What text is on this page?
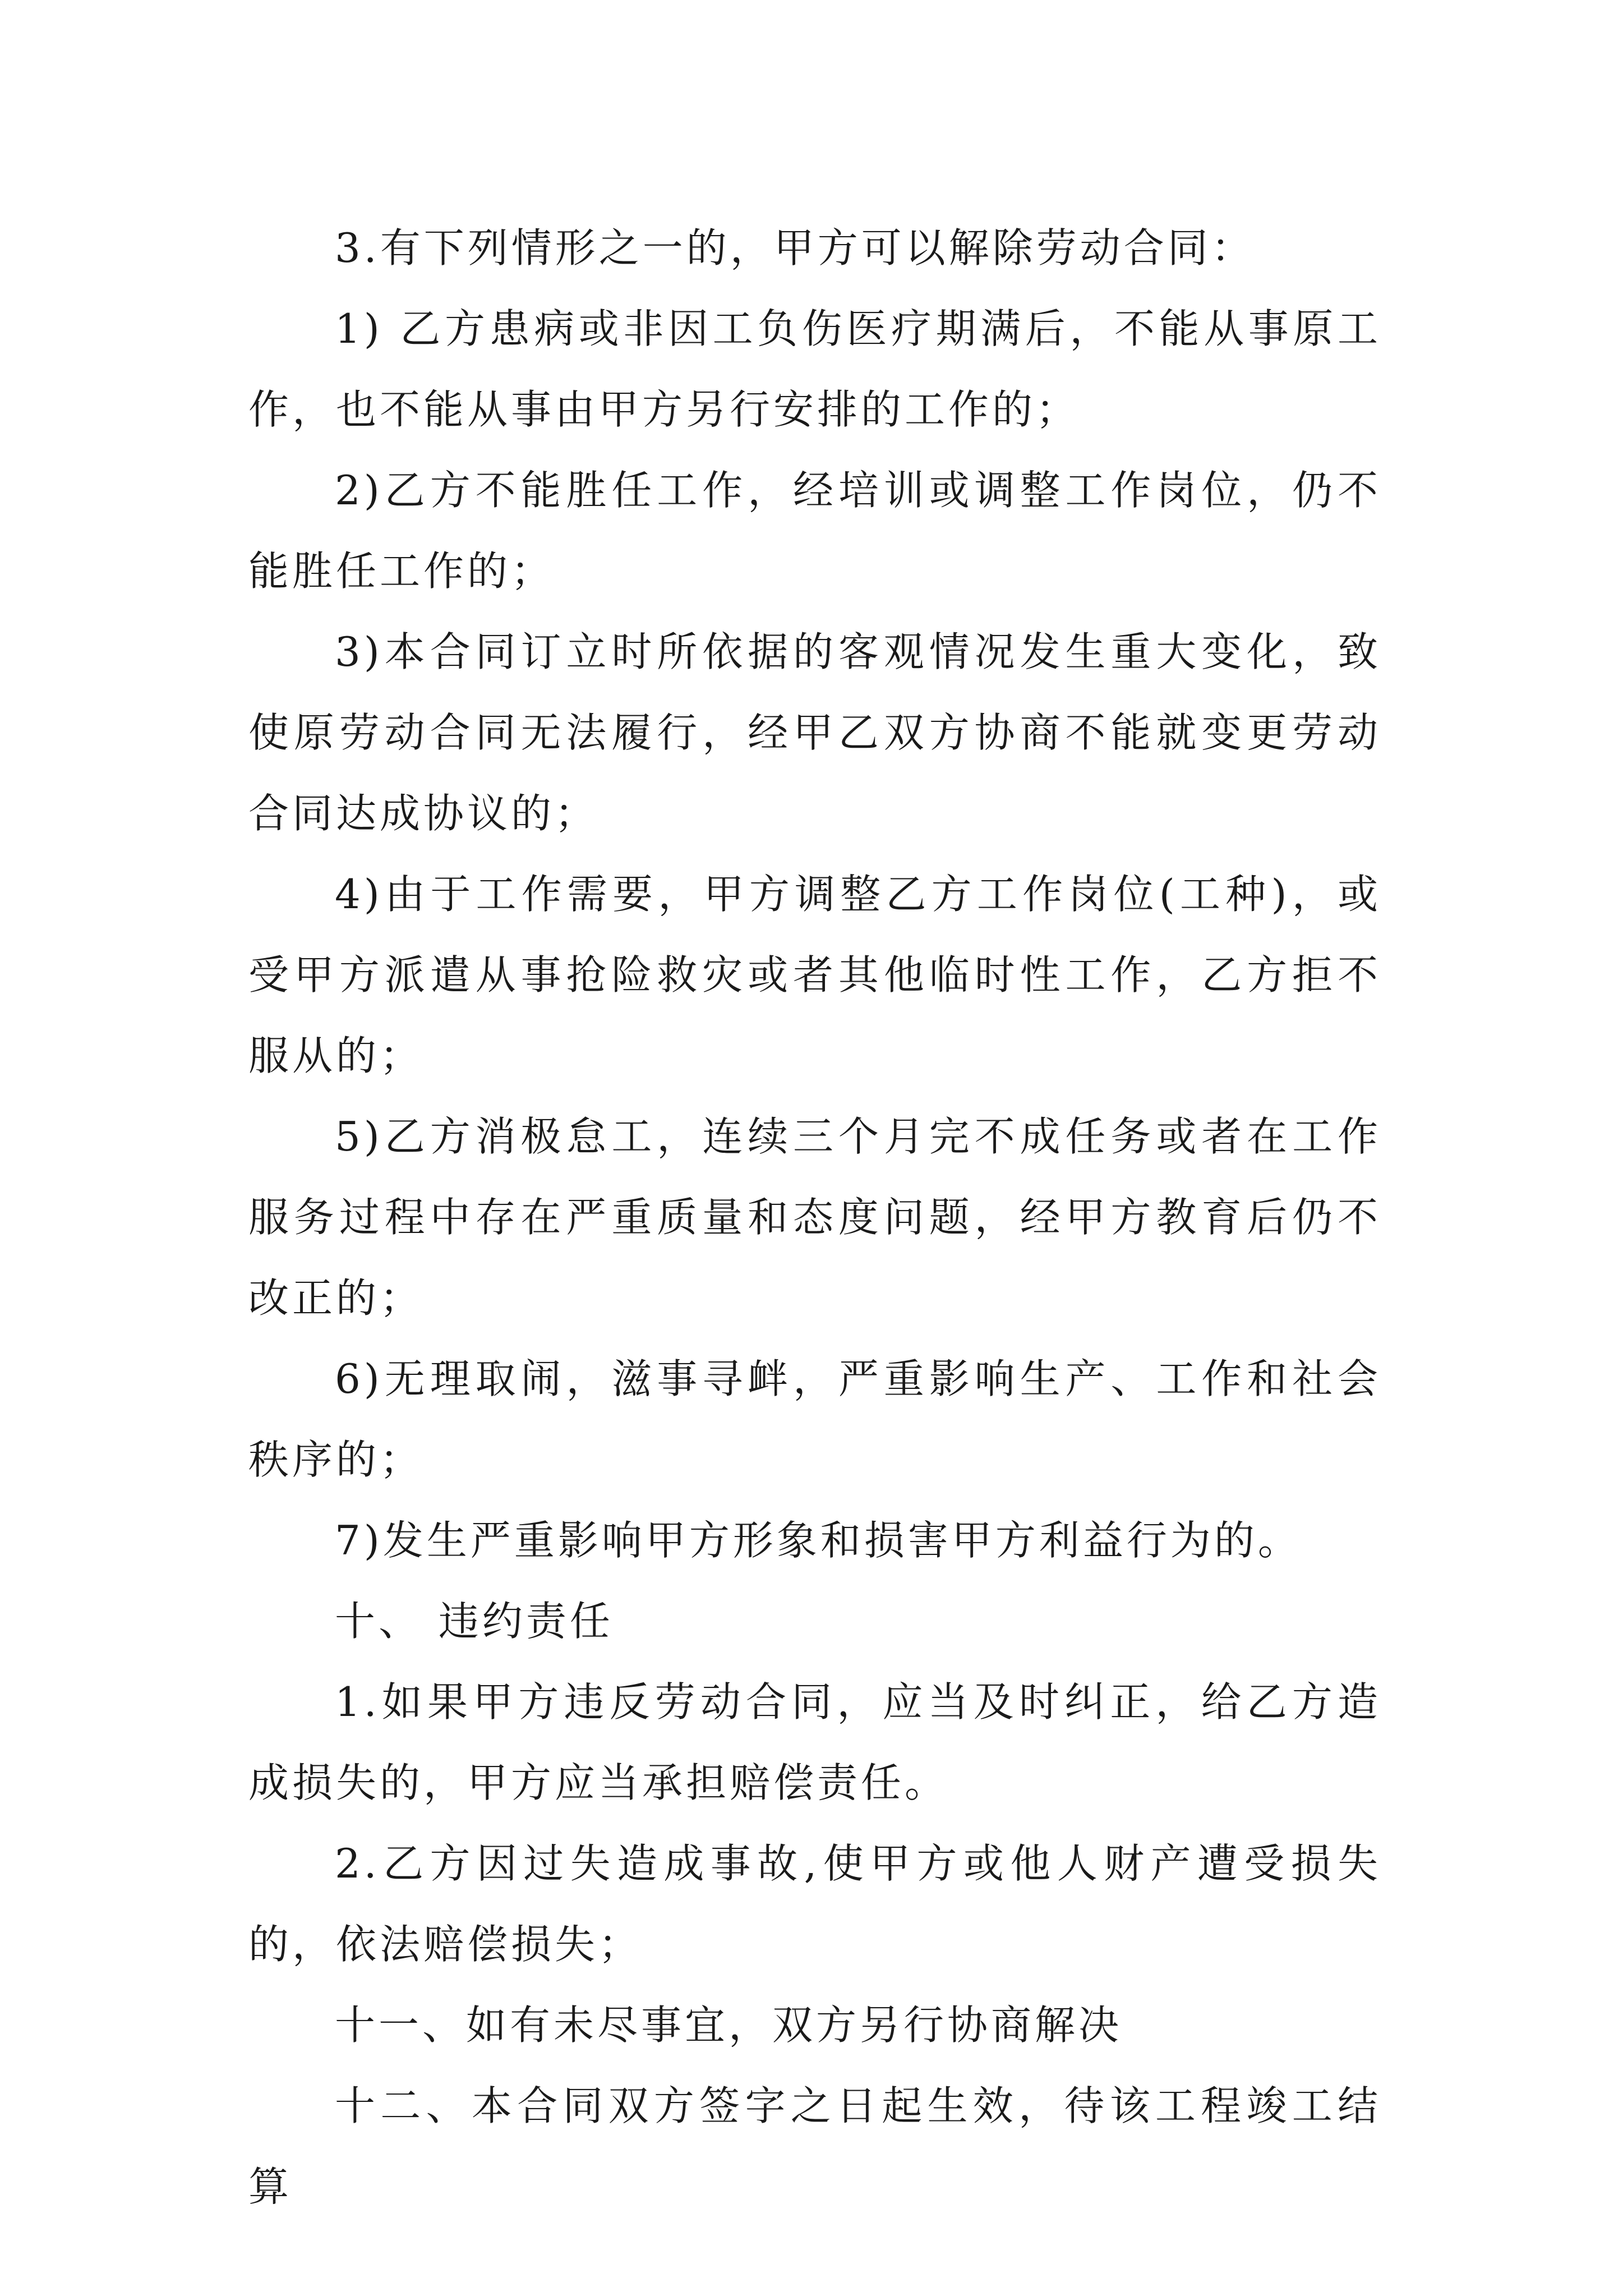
3.有下列情形之一的，甲方可以解除劳动合同：

1) 乙方患病或非因工负伤医疗期满后，不能从事原工作，也不能从事由甲方另行安排的工作的；

2)乙方不能胜任工作，经培训或调整工作岗位，仍不能胜任工作的；

3)本合同订立时所依据的客观情况发生重大变化，致使原劳动合同无法履行，经甲乙双方协商不能就变更劳动合同达成协议的；

4)由于工作需要，甲方调整乙方工作岗位(工种)，或受甲方派遣从事抢险救灾或者其他临时性工作，乙方拒不服从的；

5)乙方消极怠工，连续三个月完不成任务或者在工作服务过程中存在严重质量和态度问题，经甲方教育后仍不改正的；

6)无理取闹，滋事寻衅，严重影响生产、工作和社会秩序的；

7)发生严重影响甲方形象和损害甲方利益行为的。

十、 违约责任

1.如果甲方违反劳动合同，应当及时纠正，给乙方造成损失的，甲方应当承担赔偿责任。

2.乙方因过失造成事故,使甲方或他人财产遭受损失的，依法赔偿损失；

十一、如有未尽事宜，双方另行协商解决

十二、本合同双方签字之日起生效，待该工程竣工结算
